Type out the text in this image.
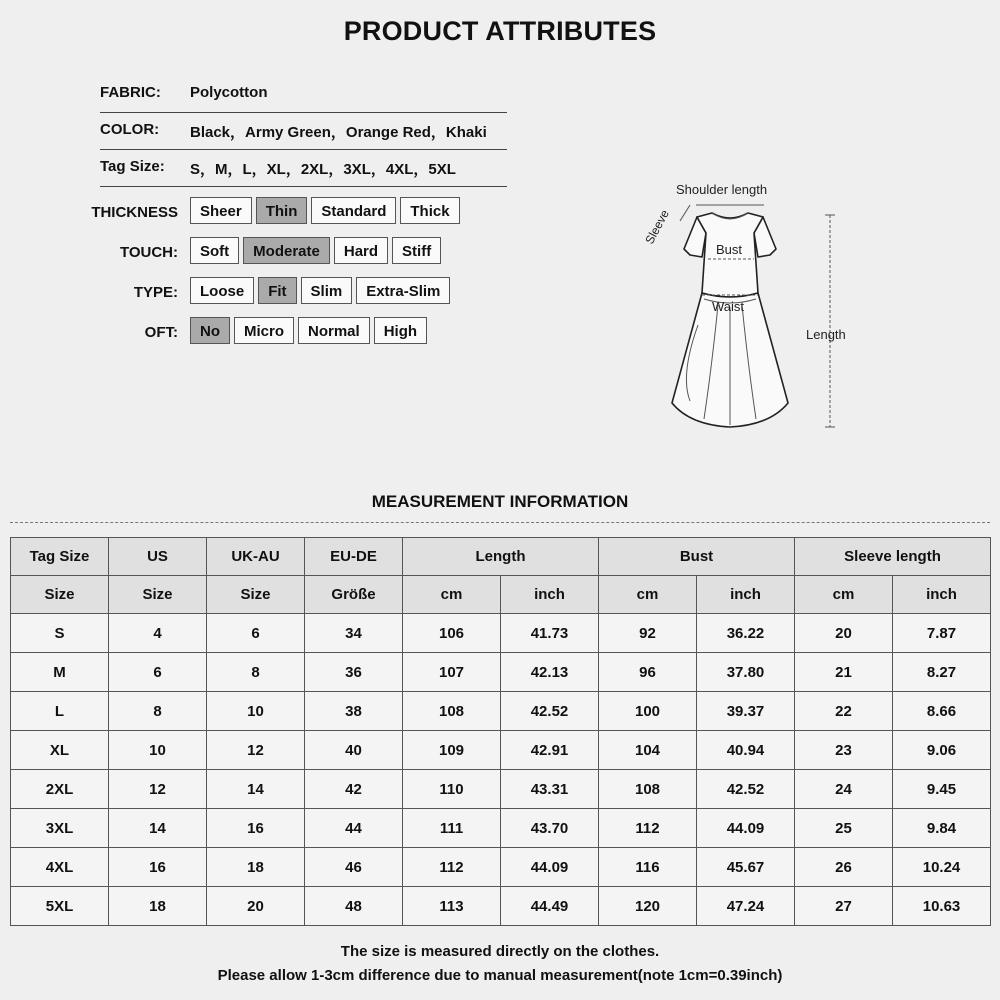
PRODUCT ATTRIBUTES
FABRIC: Polycotton
COLOR: Black，Army Green，Orange Red，Khaki
Tag Size: S，M，L，XL，2XL，3XL，4XL，5XL
THICKNESS	Sheer	Thin	Standard	Thick
TOUCH:	Soft	Moderate	Hard	Stiff
TYPE:	Loose	Fit	Slim	Extra-Slim
OFT:	No	Micro	Normal	High
Shoulder length
Sleeve
Bust
Waist
Length
MEASUREMENT INFORMATION
Tag Size	US	UK-AU	EU-DE	Length		Bust		Sleeve length	
Size	Size	Size	Größe	cm	inch	cm	inch	cm	inch
S	4	6	34	106	41.73	92	36.22	20	7.87
M	6	8	36	107	42.13	96	37.80	21	8.27
L	8	10	38	108	42.52	100	39.37	22	8.66
XL	10	12	40	109	42.91	104	40.94	23	9.06
2XL	12	14	42	110	43.31	108	42.52	24	9.45
3XL	14	16	44	111	43.70	112	44.09	25	9.84
4XL	16	18	46	112	44.09	116	45.67	26	10.24
5XL	18	20	48	113	44.49	120	47.24	27	10.63
The size is measured directly on the clothes.
Please allow 1-3cm difference due to manual measurement(note 1cm=0.39inch)
